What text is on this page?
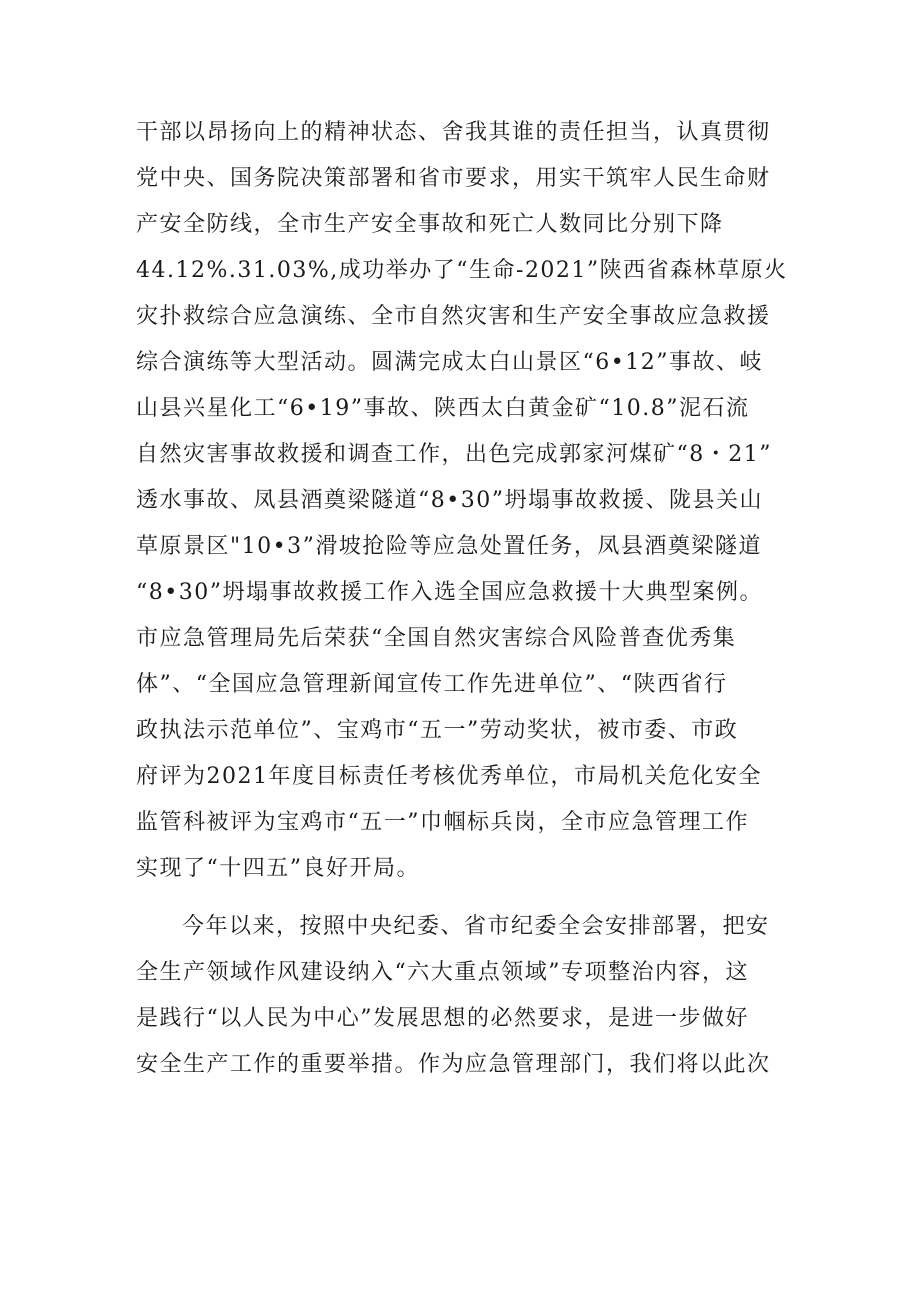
干部以昂扬向上的精神状态、舍我其谁的责任担当，认真贯彻
党中央、国务院决策部署和省市要求，用实干筑牢人民生命财
产安全防线，全市生产安全事故和死亡人数同比分别下降
44.12%.31.03%,成功举办了“生命-2021”陕西省森林草原火
灾扑救综合应急演练、全市自然灾害和生产安全事故应急救援
综合演练等大型活动。圆满完成太白山景区“6•12”事故、岐
山县兴星化工“6•19”事故、陕西太白黄金矿“10.8”泥石流
自然灾害事故救援和调查工作，出色完成郭家河煤矿“8・21”
透水事故、凤县酒奠梁隧道“8•30”坍塌事故救援、陇县关山
草原景区"10•3”滑坡抢险等应急处置任务，凤县酒奠梁隧道
“8•30”坍塌事故救援工作入选全国应急救援十大典型案例。
市应急管理局先后荣获“全国自然灾害综合风险普查优秀集
体”、“全国应急管理新闻宣传工作先进单位”、“陕西省行
政执法示范单位”、宝鸡市“五一”劳动奖状，被市委、市政
府评为2021年度目标责任考核优秀单位，市局机关危化安全
监管科被评为宝鸡市“五一”巾帼标兵岗，全市应急管理工作
实现了“十四五”良好开局。
今年以来，按照中央纪委、省市纪委全会安排部署，把安
全生产领域作风建设纳入“六大重点领域”专项整治内容，这
是践行“以人民为中心”发展思想的必然要求，是进一步做好
安全生产工作的重要举措。作为应急管理部门，我们将以此次
